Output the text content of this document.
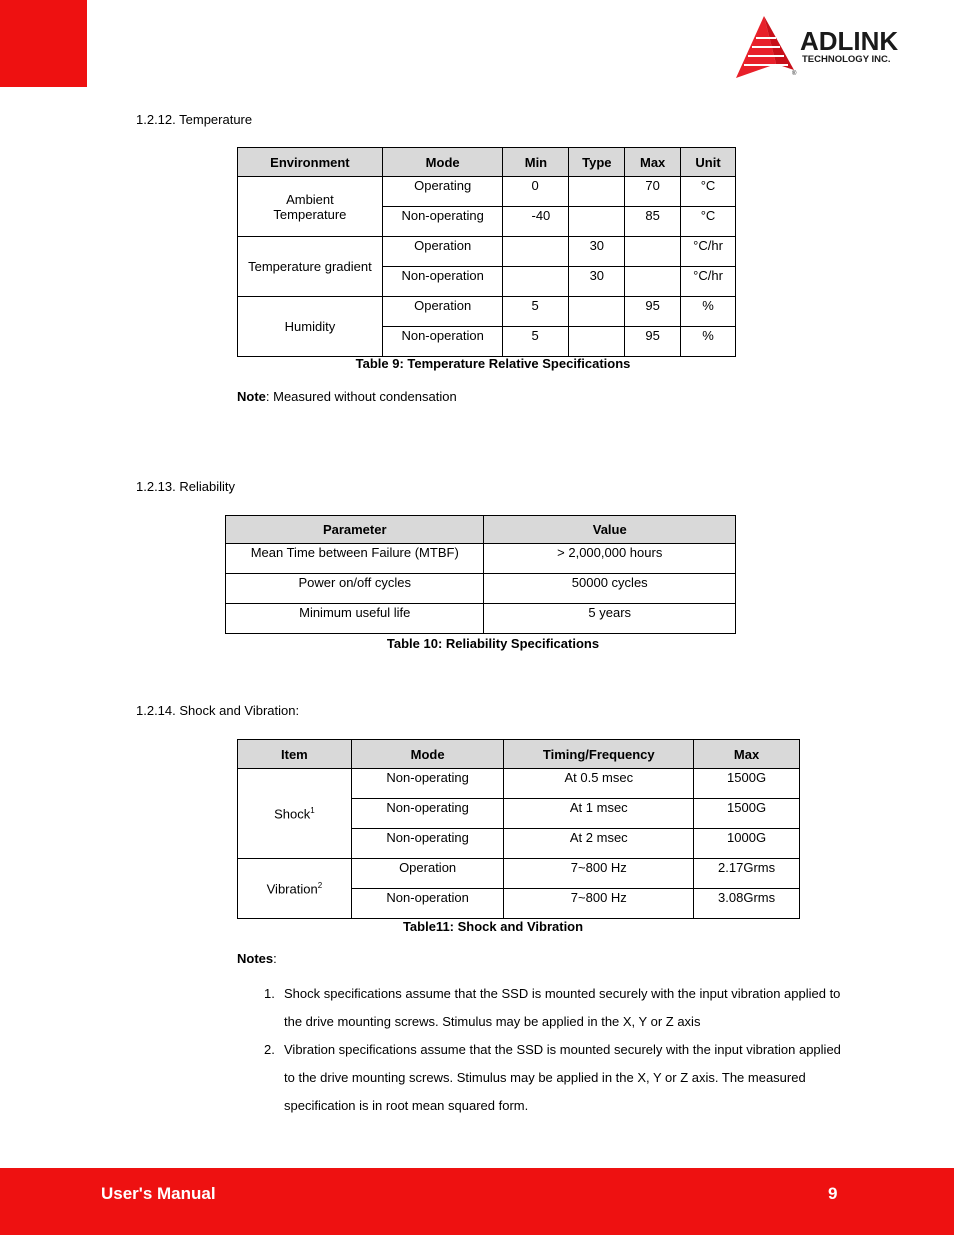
ADLINK
TECHNOLOGY INC.
®
1.2.12. Temperature
Environment	Mode	Min	Type	Max	Unit
Ambient Temperature	Operating	0		70	°C
	Non-operating	-40		85	°C
Temperature gradient	Operation		30		°C/hr
	Non-operation		30		°C/hr
Humidity	Operation	5		95	%
	Non-operation	5		95	%
Table 9: Temperature Relative Specifications
Note: Measured without condensation
1.2.13. Reliability
Parameter	Value
Mean Time between Failure (MTBF)	> 2,000,000 hours
Power on/off cycles	50000 cycles
Minimum useful life	5 years
Table 10: Reliability Specifications
1.2.14. Shock and Vibration:
Item	Mode	Timing/Frequency	Max
Shock$^1$	Non-operating	At 0.5 msec	1500G
	Non-operating	At 1 msec	1500G
	Non-operating	At 2 msec	1000G
Vibration$^2$	Operation	7~800 Hz	2.17Grms
	Non-operation	7~800 Hz	3.08Grms
Table11: Shock and Vibration
Notes:
1. Shock specifications assume that the SSD is mounted securely with the input vibration applied to the drive mounting screws. Stimulus may be applied in the X, Y or Z axis
2. Vibration specifications assume that the SSD is mounted securely with the input vibration applied to the drive mounting screws. Stimulus may be applied in the X, Y or Z axis. The measured specification is in root mean squared form.
User's Manual	9
